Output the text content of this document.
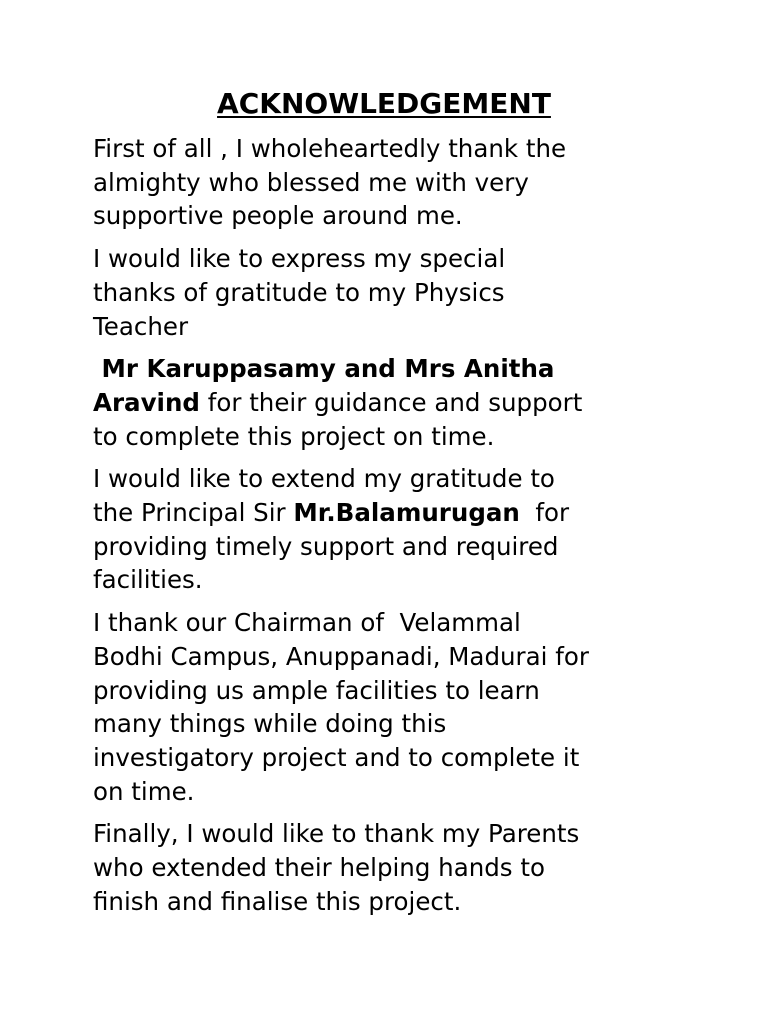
ACKNOWLEDGEMENT

First of all , I wholeheartedly thank the
almighty who blessed me with very
supportive people around me.

I would like to express my special
thanks of gratitude to my Physics
Teacher

Mr Karuppasamy and Mrs Anitha
Aravind for their guidance and support
to complete this project on time.

I would like to extend my gratitude to
the Principal Sir Mr.Balamurugan  for
providing timely support and required
facilities.

I thank our Chairman of  Velammal
Bodhi Campus, Anuppanadi, Madurai for
providing us ample facilities to learn
many things while doing this
investigatory project and to complete it
on time.

Finally, I would like to thank my Parents
who extended their helping hands to
finish and finalise this project.
